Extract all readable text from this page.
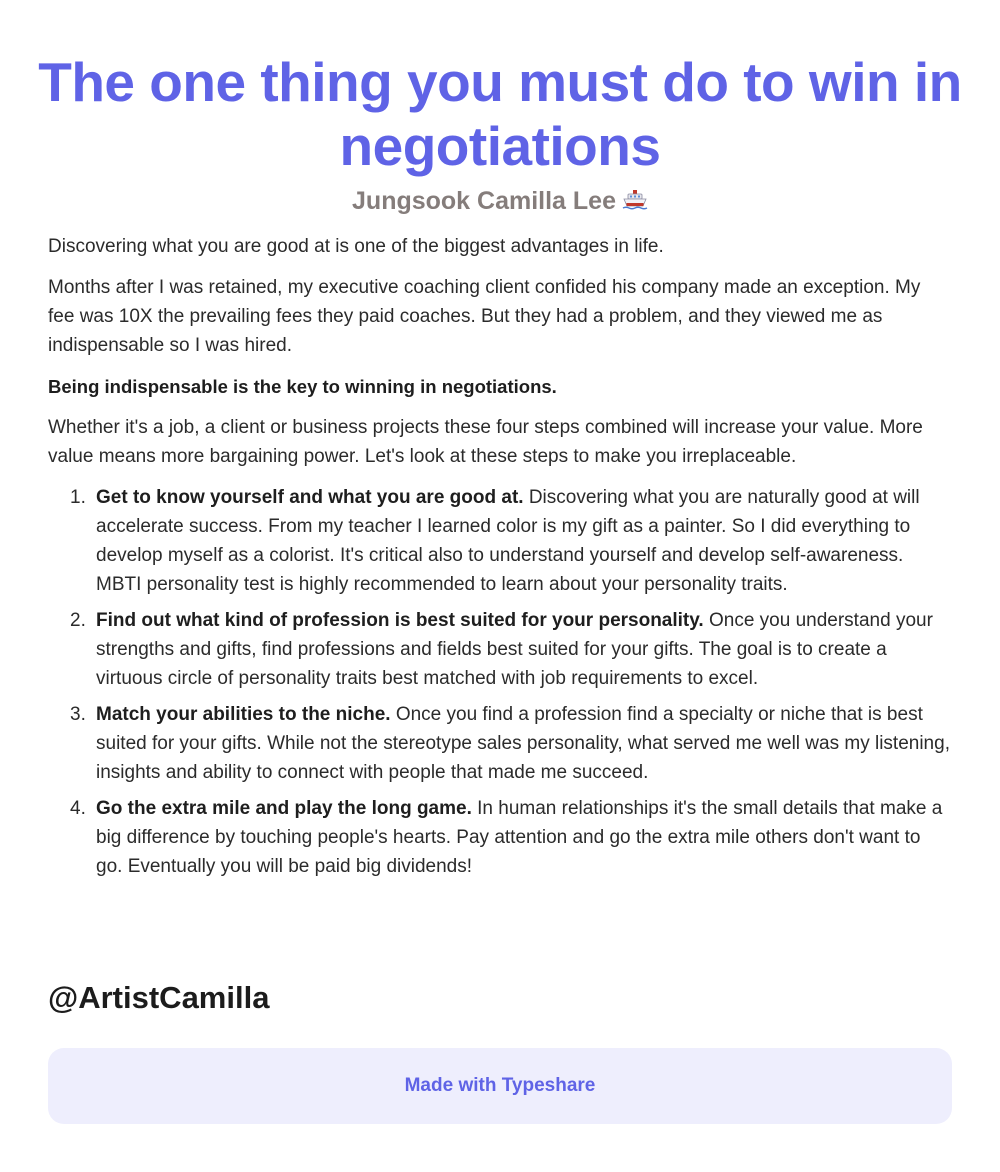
The one thing you must do to win in negotiations
Jungsook Camilla Lee

Discovering what you are good at is one of the biggest advantages in life.

Months after I was retained, my executive coaching client confided his company made an exception. My fee was 10X the prevailing fees they paid coaches. But they had a problem, and they viewed me as indispensable so I was hired.

Being indispensable is the key to winning in negotiations.

Whether it's a job, a client or business projects these four steps combined will increase your value. More value means more bargaining power. Let's look at these steps to make you irreplaceable.

1. Get to know yourself and what you are good at. Discovering what you are naturally good at will accelerate success. From my teacher I learned color is my gift as a painter. So I did everything to develop myself as a colorist. It's critical also to understand yourself and develop self-awareness. MBTI personality test is highly recommended to learn about your personality traits.
2. Find out what kind of profession is best suited for your personality. Once you understand your strengths and gifts, find professions and fields best suited for your gifts. The goal is to create a virtuous circle of personality traits best matched with job requirements to excel.
3. Match your abilities to the niche. Once you find a profession find a specialty or niche that is best suited for your gifts. While not the stereotype sales personality, what served me well was my listening, insights and ability to connect with people that made me succeed.
4. Go the extra mile and play the long game. In human relationships it's the small details that make a big difference by touching people's hearts. Pay attention and go the extra mile others don't want to go. Eventually you will be paid big dividends!
@ArtistCamilla
Made with Typeshare
